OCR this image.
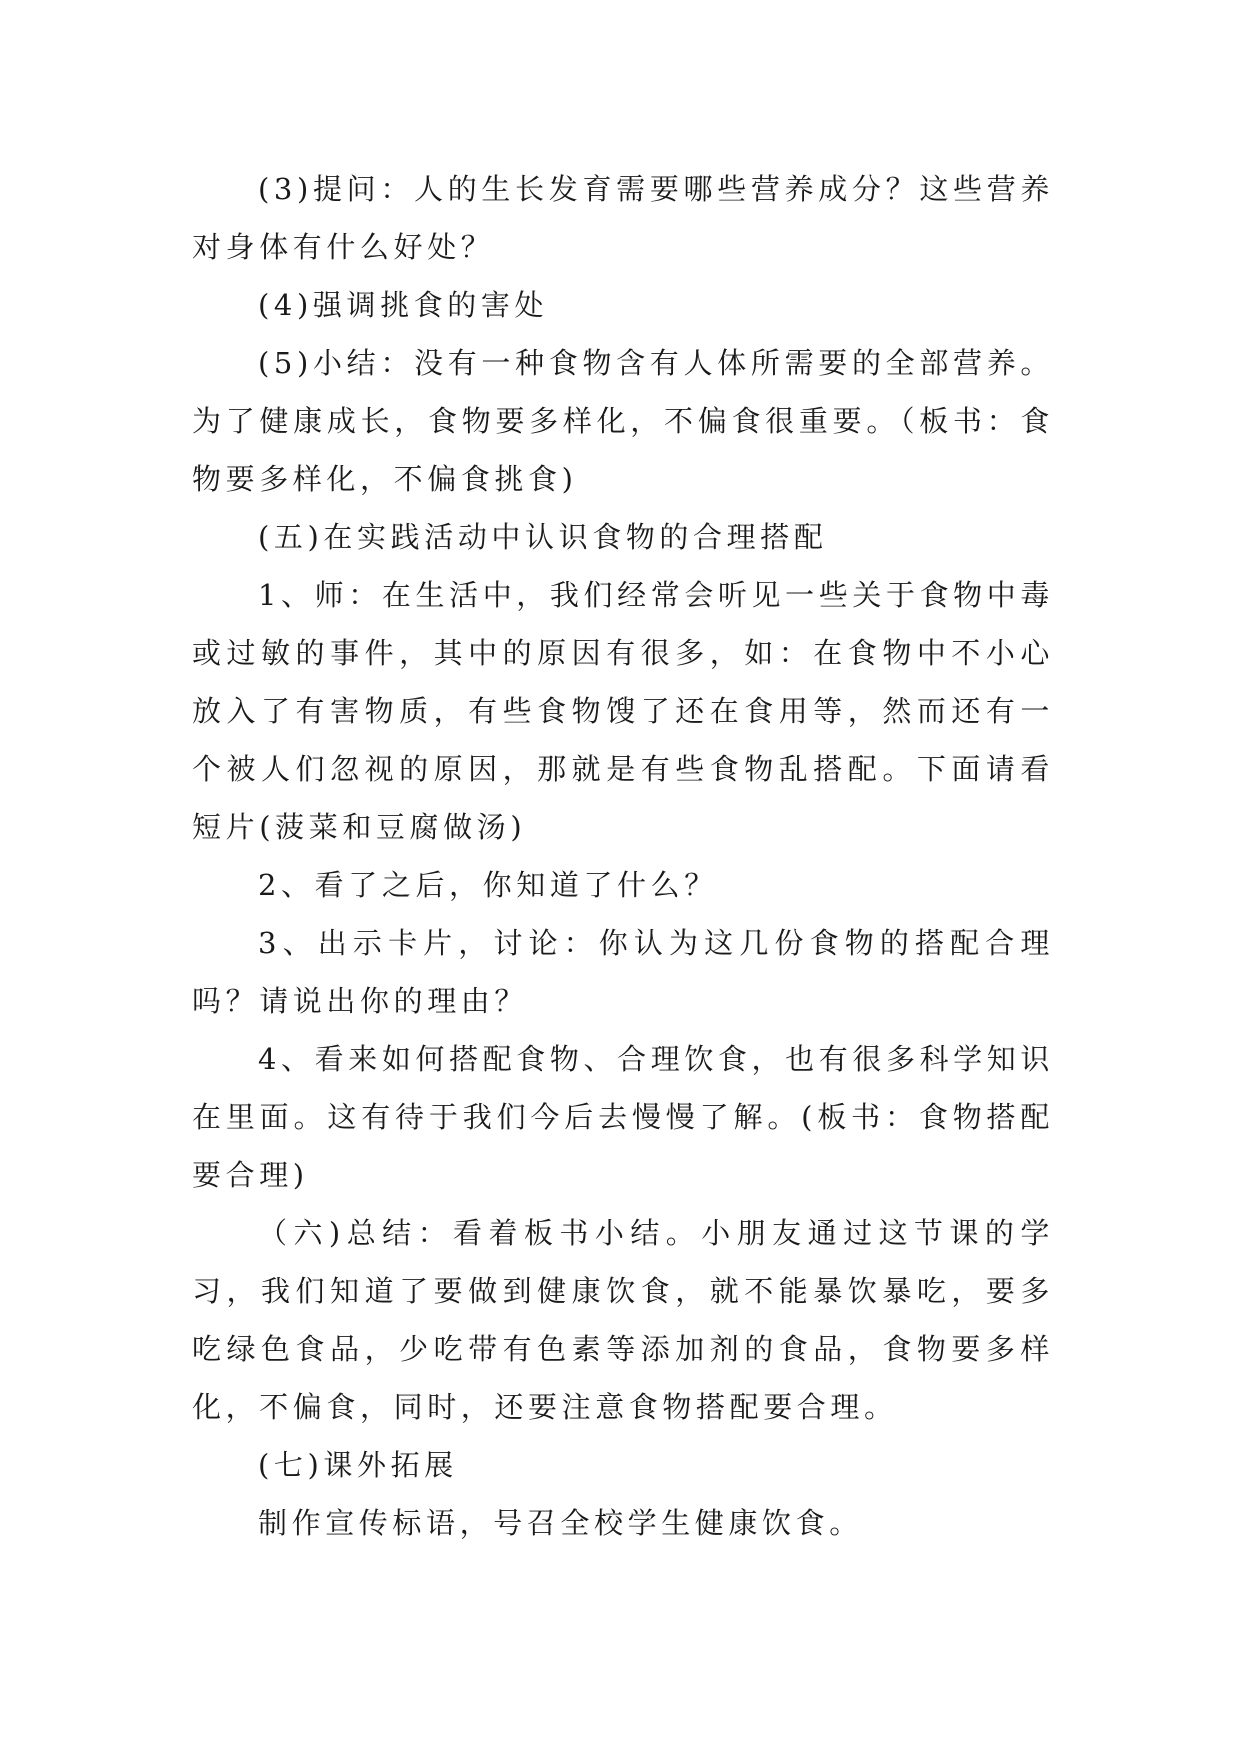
(3)提问：人的生长发育需要哪些营养成分？这些营养对身体有什么好处？

(4)强调挑食的害处

(5)小结：没有一种食物含有人体所需要的全部营养。为了健康成长，食物要多样化，不偏食很重要。（板书：食物要多样化，不偏食挑食)

(五)在实践活动中认识食物的合理搭配

1、师：在生活中，我们经常会听见一些关于食物中毒或过敏的事件，其中的原因有很多，如：在食物中不小心放入了有害物质，有些食物馊了还在食用等，然而还有一个被人们忽视的原因，那就是有些食物乱搭配。下面请看短片(菠菜和豆腐做汤)

2、看了之后，你知道了什么？

3、出示卡片，讨论：你认为这几份食物的搭配合理吗？请说出你的理由？

4、看来如何搭配食物、合理饮食，也有很多科学知识在里面。这有待于我们今后去慢慢了解。(板书：食物搭配要合理)

（六)总结：看着板书小结。小朋友通过这节课的学习，我们知道了要做到健康饮食，就不能暴饮暴吃，要多吃绿色食品，少吃带有色素等添加剂的食品，食物要多样化，不偏食，同时，还要注意食物搭配要合理。

(七)课外拓展

制作宣传标语，号召全校学生健康饮食。
